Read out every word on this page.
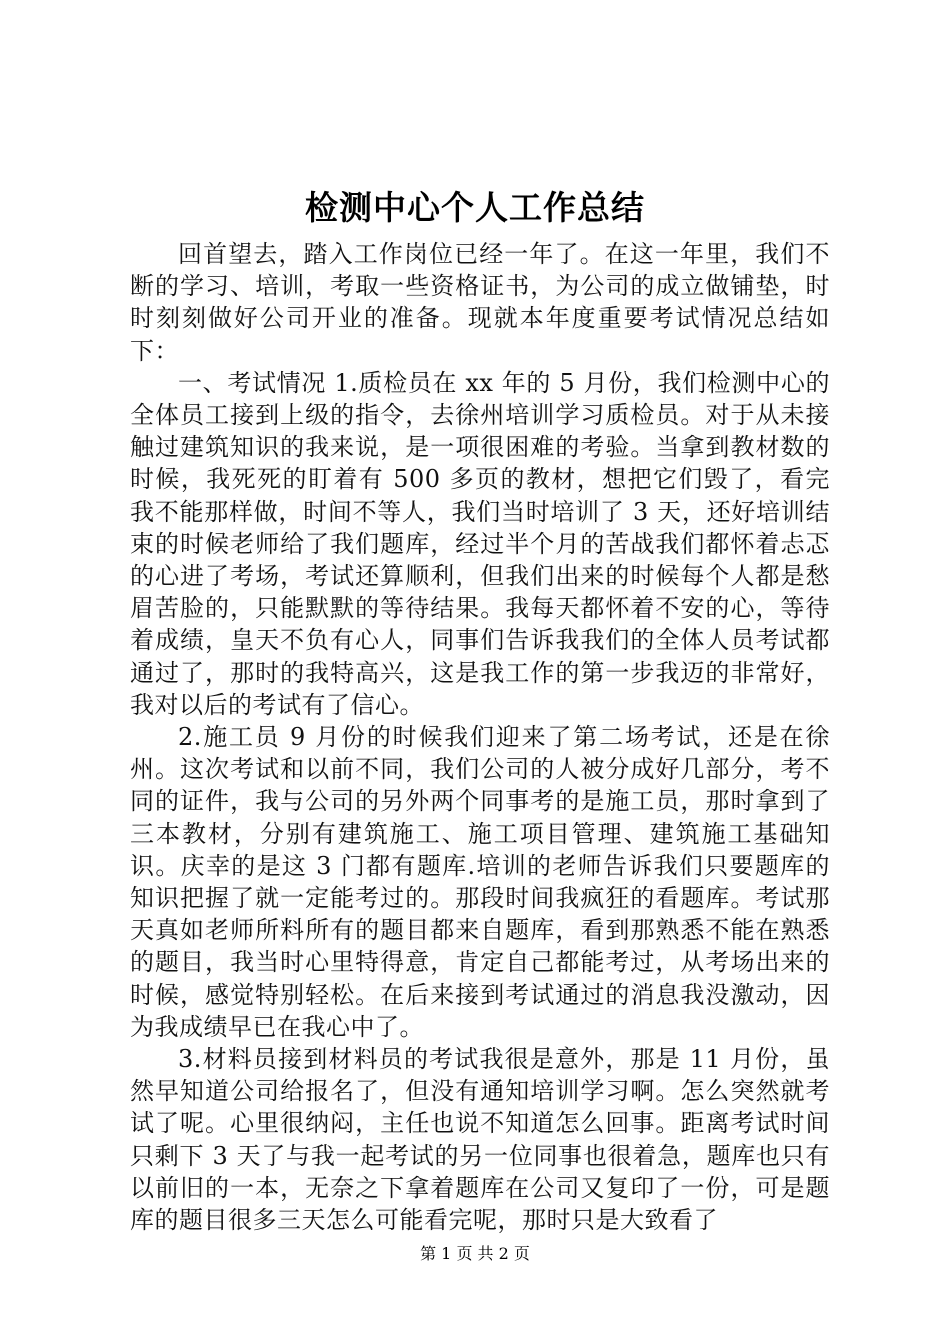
检测中心个人工作总结

回首望去，踏入工作岗位已经一年了。在这一年里，我们不断的学习、培训，考取一些资格证书，为公司的成立做铺垫，时时刻刻做好公司开业的准备。现就本年度重要考试情况总结如下：

一、考试情况 1.质检员在 xx 年的 5 月份，我们检测中心的全体员工接到上级的指令，去徐州培训学习质检员。对于从未接触过建筑知识的我来说，是一项很困难的考验。当拿到教材数的时候，我死死的盯着有 500 多页的教材，想把它们毁了，看完我不能那样做，时间不等人，我们当时培训了 3 天，还好培训结束的时候老师给了我们题库，经过半个月的苦战我们都怀着忐忑的心进了考场，考试还算顺利，但我们出来的时候每个人都是愁眉苦脸的，只能默默的等待结果。我每天都怀着不安的心，等待着成绩，皇天不负有心人，同事们告诉我我们的全体人员考试都通过了，那时的我特高兴，这是我工作的第一步我迈的非常好，我对以后的考试有了信心。

2.施工员 9 月份的时候我们迎来了第二场考试，还是在徐州。这次考试和以前不同，我们公司的人被分成好几部分，考不同的证件，我与公司的另外两个同事考的是施工员，那时拿到了三本教材，分别有建筑施工、施工项目管理、建筑施工基础知识。庆幸的是这 3 门都有题库.培训的老师告诉我们只要题库的知识把握了就一定能考过的。那段时间我疯狂的看题库。考试那天真如老师所料所有的题目都来自题库，看到那熟悉不能在熟悉的题目，我当时心里特得意，肯定自己都能考过，从考场出来的时候，感觉特别轻松。在后来接到考试通过的消息我没激动，因为我成绩早已在我心中了。

3.材料员接到材料员的考试我很是意外，那是 11 月份，虽然早知道公司给报名了，但没有通知培训学习啊。怎么突然就考试了呢。心里很纳闷，主任也说不知道怎么回事。距离考试时间只剩下 3 天了与我一起考试的另一位同事也很着急，题库也只有以前旧的一本，无奈之下拿着题库在公司又复印了一份，可是题库的题目很多三天怎么可能看完呢，那时只是大致看了

第 1 页 共 2 页
